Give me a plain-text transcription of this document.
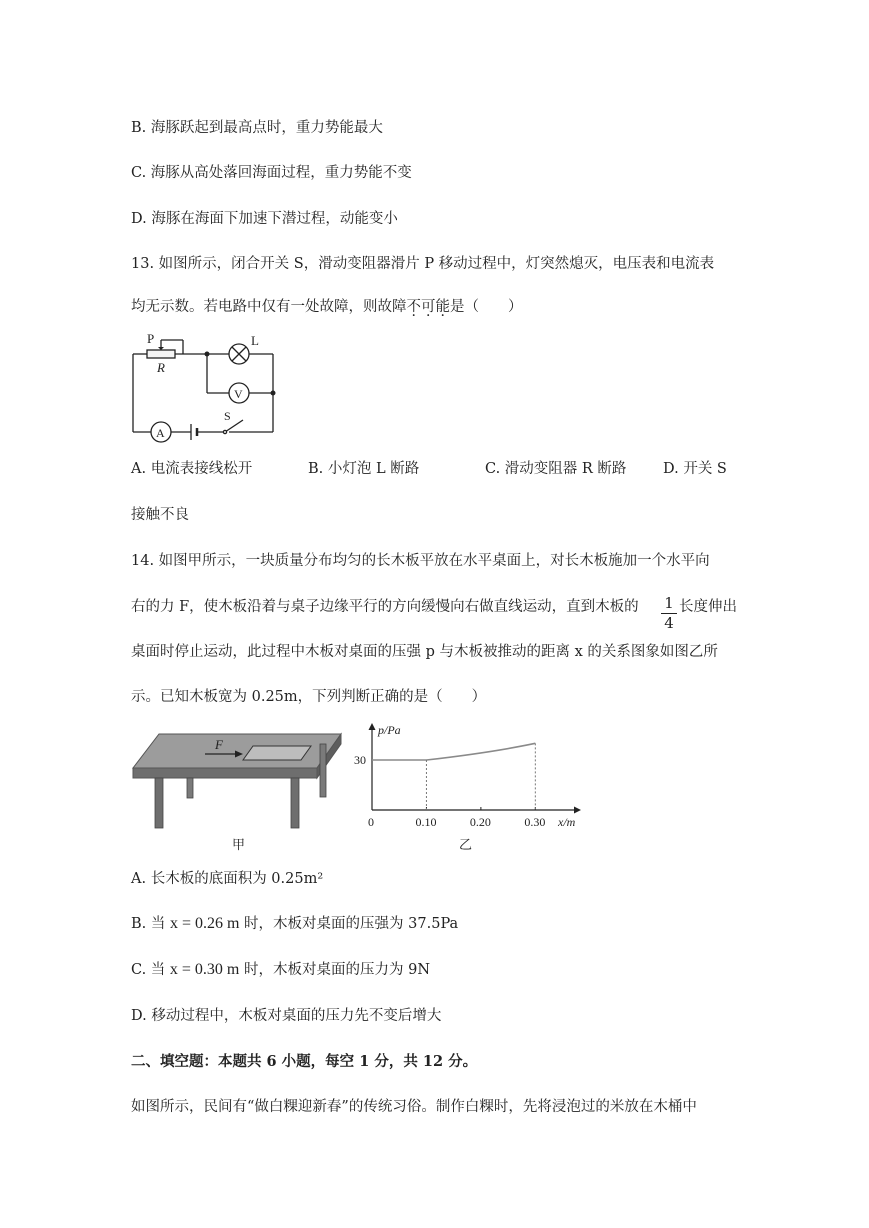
B. 海豚跃起到最高点时，重力势能最大
C. 海豚从高处落回海面过程，重力势能不变
D. 海豚在海面下加速下潜过程，动能变小
13. 如图所示，闭合开关 S，滑动变阻器滑片 P 移动过程中，灯突然熄灭，电压表和电流表
均无示数。若电路中仅有一处故障，则故障不可能是（　　）
P
R
L
V
A
S
A. 电流表接线松开	B. 小灯泡 L 断路	C. 滑动变阻器 R 断路	D. 开关 S
接触不良
14. 如图甲所示，一块质量分布均匀的长木板平放在水平桌面上，对长木板施加一个水平向
右的力 F，使木板沿着与桌子边缘平行的方向缓慢向右做直线运动，直到木板的 1
4
长度伸出
桌面时停止运动，此过程中木板对桌面的压强 p 与木板被推动的距离 x 的关系图象如图乙所
示。已知木板宽为 0.25m，下列判断正确的是（　　）
F
甲
p/Pa
x/m
0	0.10	0.20	0.30
30
乙
A. 长木板的底面积为 0.25m²
B. 当 x = 0.26 m 时，木板对桌面的压强为 37.5Pa
C. 当 x = 0.30 m 时，木板对桌面的压力为 9N
D. 移动过程中，木板对桌面的压力先不变后增大
二、填空题：本题共 6 小题，每空 1 分，共 12 分。
如图所示，民间有“做白粿迎新春”的传统习俗。制作白粿时，先将浸泡过的米放在木桶中
